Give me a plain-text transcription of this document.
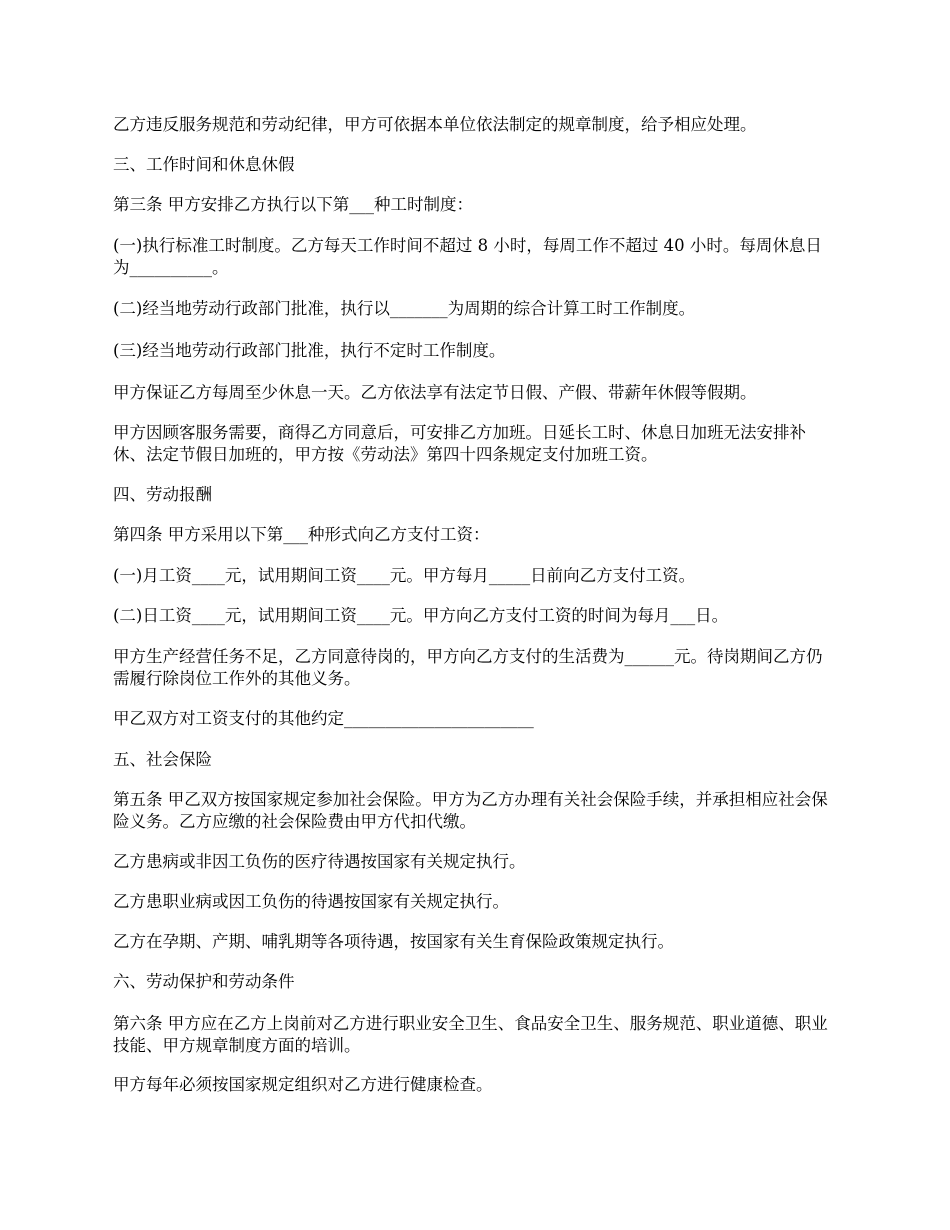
乙方违反服务规范和劳动纪律，甲方可依据本单位依法制定的规章制度，给予相应处理。

三、工作时间和休息休假

第三条 甲方安排乙方执行以下第___种工时制度：

(一)执行标准工时制度。乙方每天工作时间不超过 8 小时，每周工作不超过 40 小时。每周休息日为__________。

(二)经当地劳动行政部门批准，执行以_______为周期的综合计算工时工作制度。

(三)经当地劳动行政部门批准，执行不定时工作制度。

甲方保证乙方每周至少休息一天。乙方依法享有法定节日假、产假、带薪年休假等假期。

甲方因顾客服务需要，商得乙方同意后，可安排乙方加班。日延长工时、休息日加班无法安排补休、法定节假日加班的，甲方按《劳动法》第四十四条规定支付加班工资。

四、劳动报酬

第四条 甲方采用以下第___种形式向乙方支付工资：

(一)月工资____元，试用期间工资____元。甲方每月_____日前向乙方支付工资。

(二)日工资____元，试用期间工资____元。甲方向乙方支付工资的时间为每月___日。

甲方生产经营任务不足，乙方同意待岗的，甲方向乙方支付的生活费为______元。待岗期间乙方仍需履行除岗位工作外的其他义务。

甲乙双方对工资支付的其他约定_______________________

五、社会保险

第五条 甲乙双方按国家规定参加社会保险。甲方为乙方办理有关社会保险手续，并承担相应社会保险义务。乙方应缴的社会保险费由甲方代扣代缴。

乙方患病或非因工负伤的医疗待遇按国家有关规定执行。

乙方患职业病或因工负伤的待遇按国家有关规定执行。

乙方在孕期、产期、哺乳期等各项待遇，按国家有关生育保险政策规定执行。

六、劳动保护和劳动条件

第六条 甲方应在乙方上岗前对乙方进行职业安全卫生、食品安全卫生、服务规范、职业道德、职业技能、甲方规章制度方面的培训。

甲方每年必须按国家规定组织对乙方进行健康检查。
